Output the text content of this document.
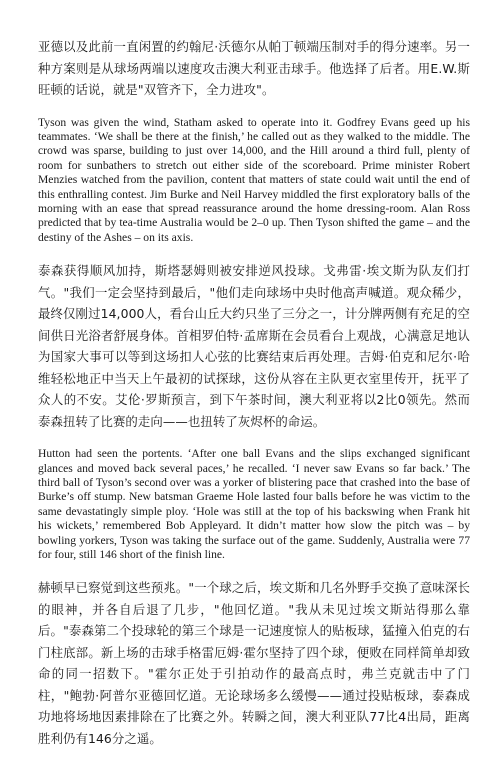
亚德以及此前一直闲置的约翰尼·沃德尔从帕丁顿端压制对手的得分速率。另一种方案则是从球场两端以速度攻击澳大利亚击球手。他选择了后者。用E.W.斯旺顿的话说，就是"双管齐下，全力进攻"。

Tyson was given the wind, Statham asked to operate into it. Godfrey Evans geed up his teammates. ‘We shall be there at the finish,’ he called out as they walked to the middle. The crowd was sparse, building to just over 14,000, and the Hill around a third full, plenty of room for sunbathers to stretch out either side of the scoreboard. Prime minister Robert Menzies watched from the pavilion, content that matters of state could wait until the end of this enthralling contest. Jim Burke and Neil Harvey middled the first exploratory balls of the morning with an ease that spread reassurance around the home dressing-room. Alan Ross predicted that by tea-time Australia would be 2–0 up. Then Tyson shifted the game – and the destiny of the Ashes – on its axis.

泰森获得顺风加持，斯塔瑟姆则被安排逆风投球。戈弗雷·埃文斯为队友们打气。"我们一定会坚持到最后，"他们走向球场中央时他高声喊道。观众稀少，最终仅刚过14,000人，看台山丘大约只坐了三分之一，计分牌两侧有充足的空间供日光浴者舒展身体。首相罗伯特·孟席斯在会员看台上观战，心满意足地认为国家大事可以等到这场扣人心弦的比赛结束后再处理。吉姆·伯克和尼尔·哈维轻松地正中当天上午最初的试探球，这份从容在主队更衣室里传开，抚平了众人的不安。艾伦·罗斯预言，到下午茶时间，澳大利亚将以2比0领先。然而泰森扭转了比赛的走向——也扭转了灰烬杯的命运。

Hutton had seen the portents. ‘After one ball Evans and the slips exchanged significant glances and moved back several paces,’ he recalled. ‘I never saw Evans so far back.’ The third ball of Tyson’s second over was a yorker of blistering pace that crashed into the base of Burke’s off stump. New batsman Graeme Hole lasted four balls before he was victim to the same devastatingly simple ploy. ‘Hole was still at the top of his backswing when Frank hit his wickets,’ remembered Bob Appleyard. It didn’t matter how slow the pitch was – by bowling yorkers, Tyson was taking the surface out of the game. Suddenly, Australia were 77 for four, still 146 short of the finish line.

赫顿早已察觉到这些预兆。"一个球之后，埃文斯和几名外野手交换了意味深长的眼神，并各自后退了几步，"他回忆道。"我从未见过埃文斯站得那么靠后。"泰森第二个投球轮的第三个球是一记速度惊人的贴板球，猛撞入伯克的右门柱底部。新上场的击球手格雷厄姆·霍尔坚持了四个球，便败在同样简单却致命的同一招数下。"霍尔正处于引拍动作的最高点时，弗兰克就击中了门柱，"鲍勃·阿普尔亚德回忆道。无论球场多么缓慢——通过投贴板球，泰森成功地将场地因素排除在了比赛之外。转瞬之间，澳大利亚队77比4出局，距离胜利仍有146分之遥。
